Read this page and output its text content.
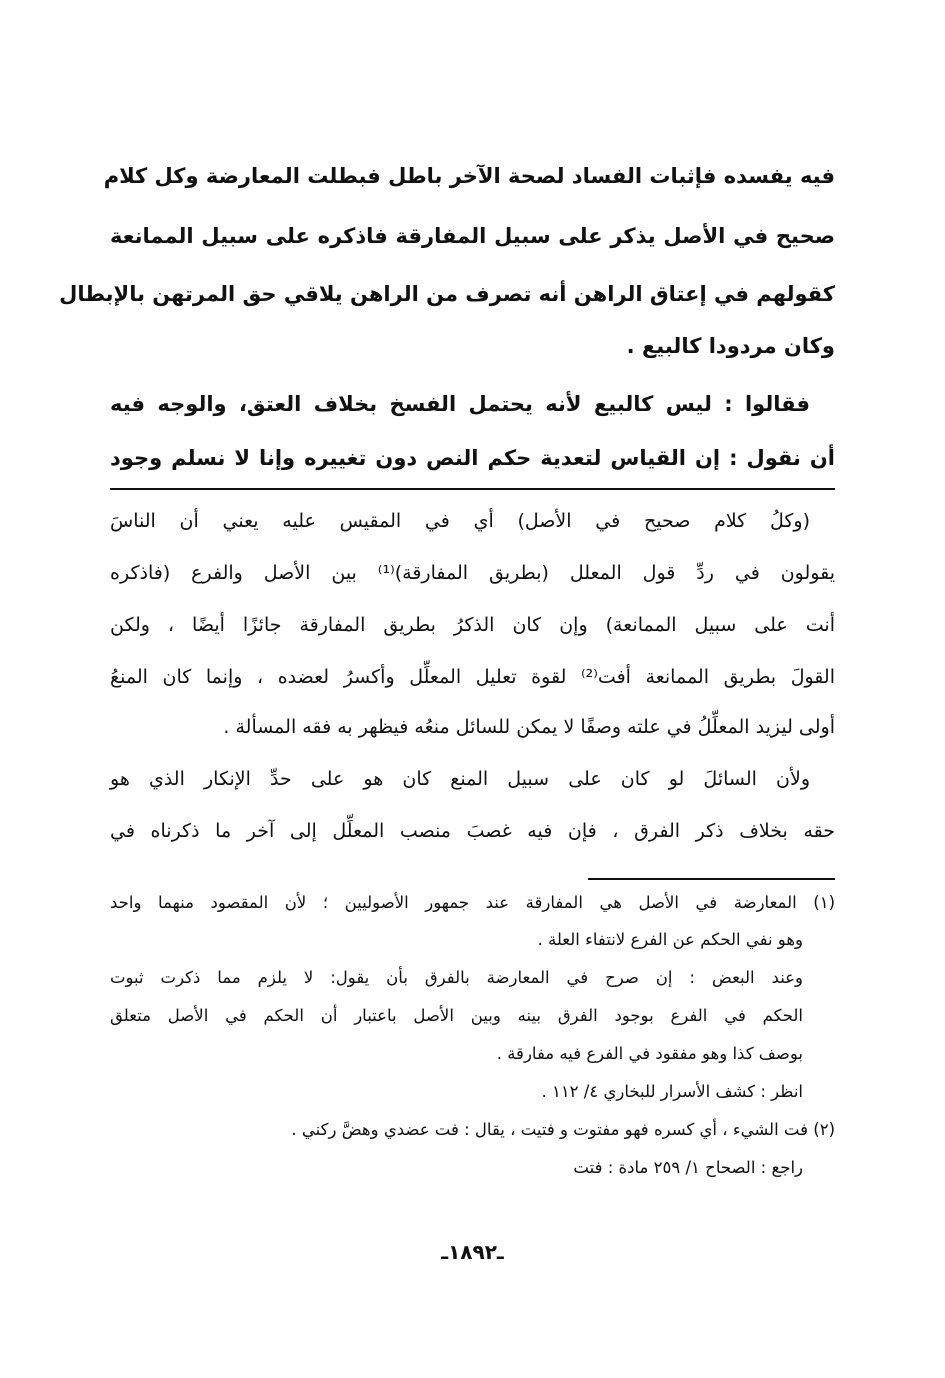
فيه يفسده فإثبات الفساد لصحة الآخر باطل فبطلت المعارضة وكل كلام
صحيح في الأصل يذكر على سبيل المفارقة فاذكره على سبيل الممانعة
كقولهم في إعتاق الراهن أنه تصرف من الراهن يلاقي حق المرتهن بالإبطال
وكان مردودا كالبيع .
فقالوا : ليس كالبيع لأنه يحتمل الفسخ بخلاف العتق، والوجه فيه
أن نقول : إن القياس لتعدية حكم النص دون تغييره وإنا لا نسلم وجود
(وكلُ كلام صحيح في الأصل) أي في المقيس عليه يعني أن الناسَ
يقولون في ردِّ قول المعلل (بطريق المفارقة)⁽¹⁾ بين الأصل والفرع (فاذكره
أنت على سبيل الممانعة) وإن كان الذكرُ بطريق المفارقة جائزًا أيضًا ، ولكن
القولَ بطريق الممانعة أفت⁽²⁾ لقوة تعليل المعلِّل وأكسرُ لعضده ، وإنما كان المنعُ
أولى ليزيد المعلِّلُ في علته وصفًا لا يمكن للسائل منعُه فيظهر به فقه المسألة .
ولأن السائلَ لو كان على سبيل المنع كان هو على حدِّ الإنكار الذي هو
حقه بخلاف ذكر الفرق ، فإن فيه غصبَ منصب المعلِّل إلى آخر ما ذكرناه في
(١) المعارضة في الأصل هي المفارقة عند جمهور الأصوليين ؛ لأن المقصود منهما واحد
وهو نفي الحكم عن الفرع لانتفاء العلة .
وعند البعض : إن صرح في المعارضة بالفرق بأن يقول: لا يلزم مما ذكرت ثبوت
الحكم في الفرع بوجود الفرق بينه وبين الأصل باعتبار أن الحكم في الأصل متعلق
بوصف كذا وهو مفقود في الفرع فيه مفارقة .
انظر : كشف الأسرار للبخاري ٤/ ١١٢ .
(٢) فت الشيء ، أي كسره فهو مفتوت و فتيت ، يقال : فت عضدي وهضَّ ركني .
راجع : الصحاح ١/ ٢٥٩ مادة : فتت
ـ١٨٩٢ـ
